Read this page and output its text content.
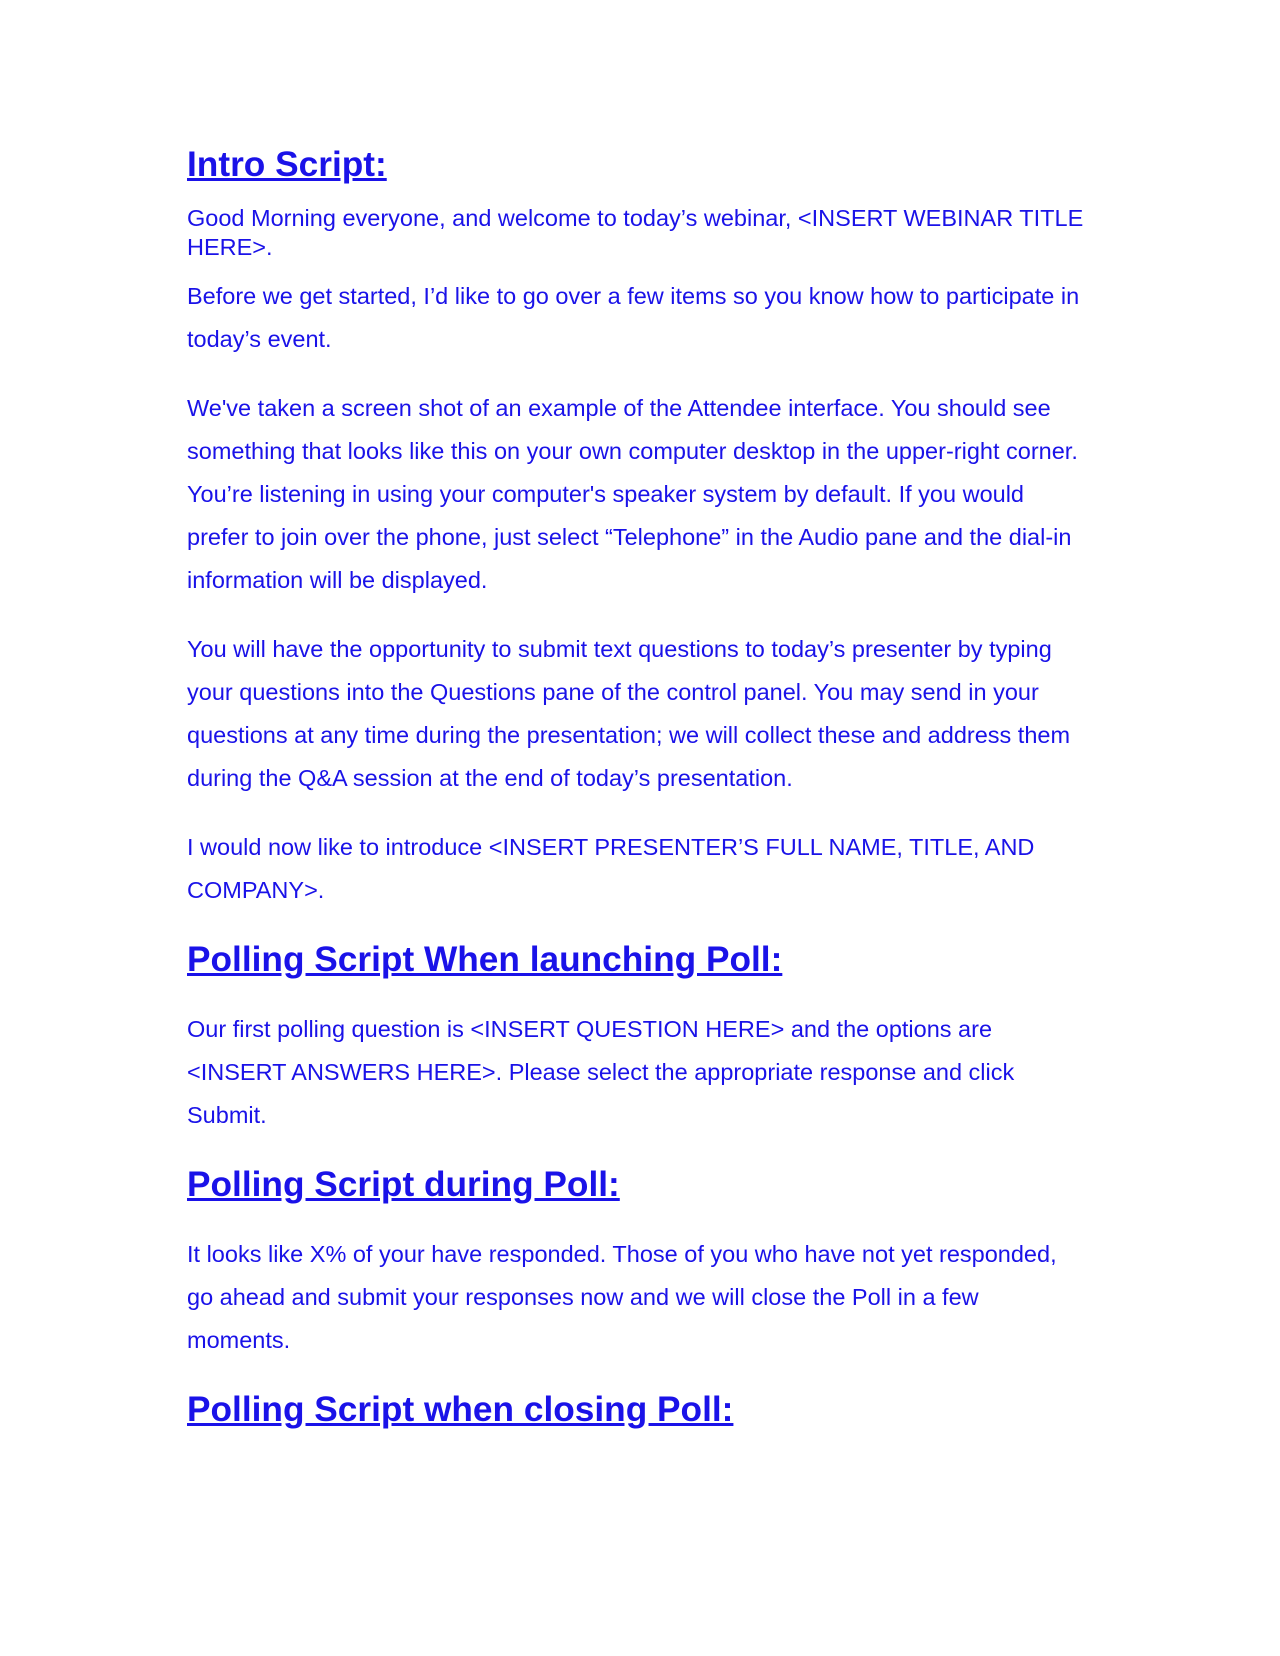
Intro Script:

Good Morning everyone, and welcome to today’s webinar, <INSERT WEBINAR TITLE HERE>.

Before we get started, I’d like to go over a few items so you know how to participate in today’s event.

We've taken a screen shot of an example of the Attendee interface. You should see something that looks like this on your own computer desktop in the upper-right corner. You’re listening in using your computer's speaker system by default. If you would prefer to join over the phone, just select “Telephone” in the Audio pane and the dial-in information will be displayed.

You will have the opportunity to submit text questions to today’s presenter by typing your questions into the Questions pane of the control panel. You may send in your questions at any time during the presentation; we will collect these and address them during the Q&A session at the end of today’s presentation.

I would now like to introduce <INSERT PRESENTER’S FULL NAME, TITLE, AND COMPANY>.

Polling Script When launching Poll:

Our first polling question is <INSERT QUESTION HERE> and the options are <INSERT ANSWERS HERE>. Please select the appropriate response and click Submit.

Polling Script during Poll:

It looks like X% of your have responded. Those of you who have not yet responded, go ahead and submit your responses now and we will close the Poll in a few moments.

Polling Script when closing Poll:
